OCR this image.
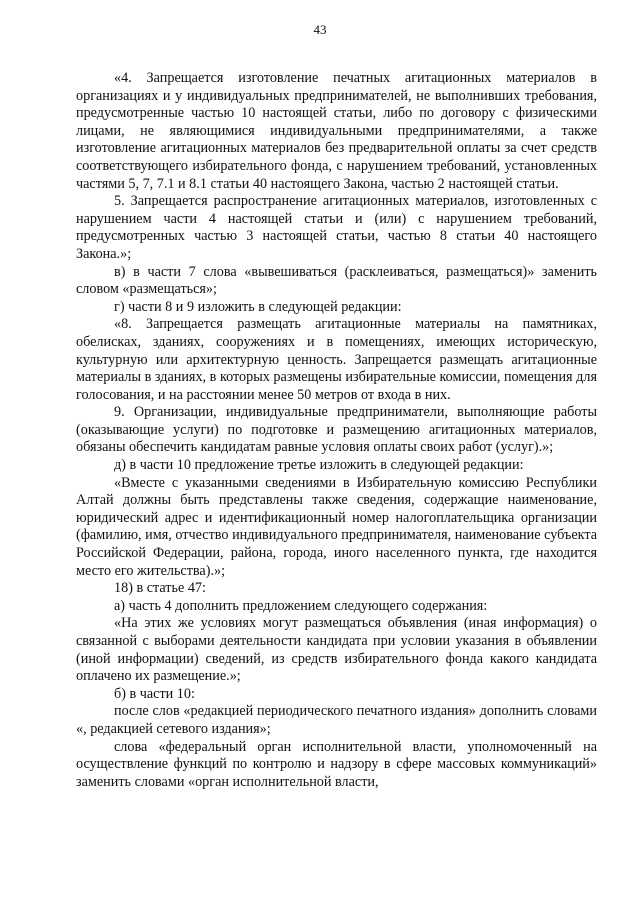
43

«4. Запрещается изготовление печатных агитационных материалов в организациях и у индивидуальных предпринимателей, не выполнивших требования, предусмотренные частью 10 настоящей статьи, либо по договору с физическими лицами, не являющимися индивидуальными предпринимателями, а также изготовление агитационных материалов без предварительной оплаты за счет средств соответствующего избирательного фонда, с нарушением требований, установленных частями 5, 7, 7.1 и 8.1 статьи 40 настоящего Закона, частью 2 настоящей статьи.

5. Запрещается распространение агитационных материалов, изготовленных с нарушением части 4 настоящей статьи и (или) с нарушением требований, предусмотренных частью 3 настоящей статьи, частью 8 статьи 40 настоящего Закона.»;

в) в части 7 слова «вывешиваться (расклеиваться, размещаться)» заменить словом «размещаться»;

г) части 8 и 9 изложить в следующей редакции:

«8. Запрещается размещать агитационные материалы на памятниках, обелисках, зданиях, сооружениях и в помещениях, имеющих историческую, культурную или архитектурную ценность. Запрещается размещать агитационные материалы в зданиях, в которых размещены избирательные комиссии, помещения для голосования, и на расстоянии менее 50 метров от входа в них.

9. Организации, индивидуальные предприниматели, выполняющие работы (оказывающие услуги) по подготовке и размещению агитационных материалов, обязаны обеспечить кандидатам равные условия оплаты своих работ (услуг).»;

д) в части 10 предложение третье изложить в следующей редакции:

«Вместе с указанными сведениями в Избирательную комиссию Республики Алтай должны быть представлены также сведения, содержащие наименование, юридический адрес и идентификационный номер налогоплательщика организации (фамилию, имя, отчество индивидуального предпринимателя, наименование субъекта Российской Федерации, района, города, иного населенного пункта, где находится место его жительства).»;

18) в статье 47:

а) часть 4 дополнить предложением следующего содержания:

«На этих же условиях могут размещаться объявления (иная информация) о связанной с выборами деятельности кандидата при условии указания в объявлении (иной информации) сведений, из средств избирательного фонда какого кандидата оплачено их размещение.»;

б) в части 10:

после слов «редакцией периодического печатного издания» дополнить словами «, редакцией сетевого издания»;

слова «федеральный орган исполнительной власти, уполномоченный на осуществление функций по контролю и надзору в сфере массовых коммуникаций» заменить словами «орган исполнительной власти,
